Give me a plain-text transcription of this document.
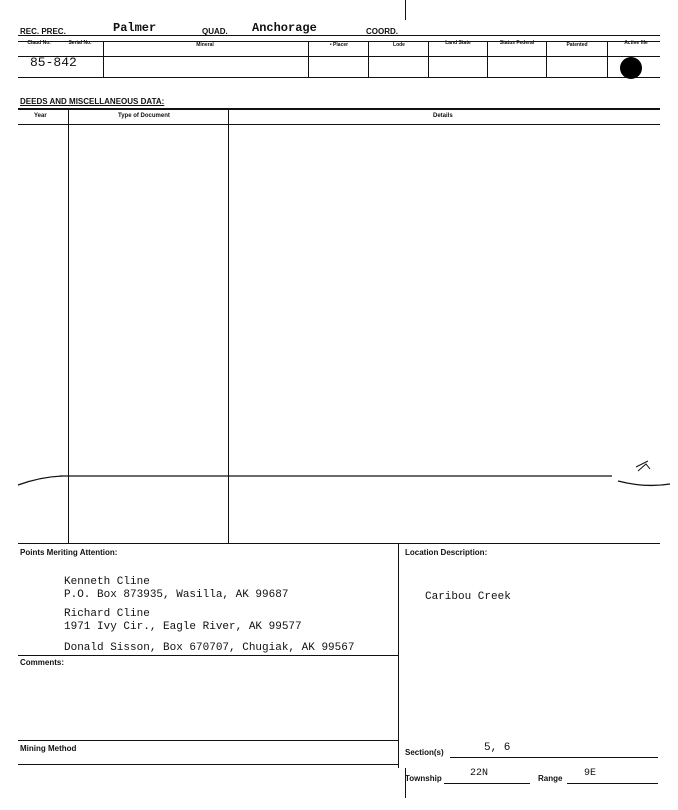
REC. PREC.	Palmer	QUAD. Anchorage	COORD.
Claud No.	Serial No.	Mineral	• Placer	Lode	Land State	Status Federal	Patented	Active file
85-842
DEEDS AND MISCELLANEOUS DATA:
Year	Type of Document	Details
Points Meriting Attention:	Location Description:
Kenneth Cline
P.O. Box 873935, Wasilla, AK 99687
Richard Cline
1971 Ivy Cir., Eagle River, AK 99577
Donald Sisson, Box 670707, Chugiak, AK 99567
Caribou Creek
Comments:
Mining Method	Section(s)	5, 6
Township	22N	Range 9E
